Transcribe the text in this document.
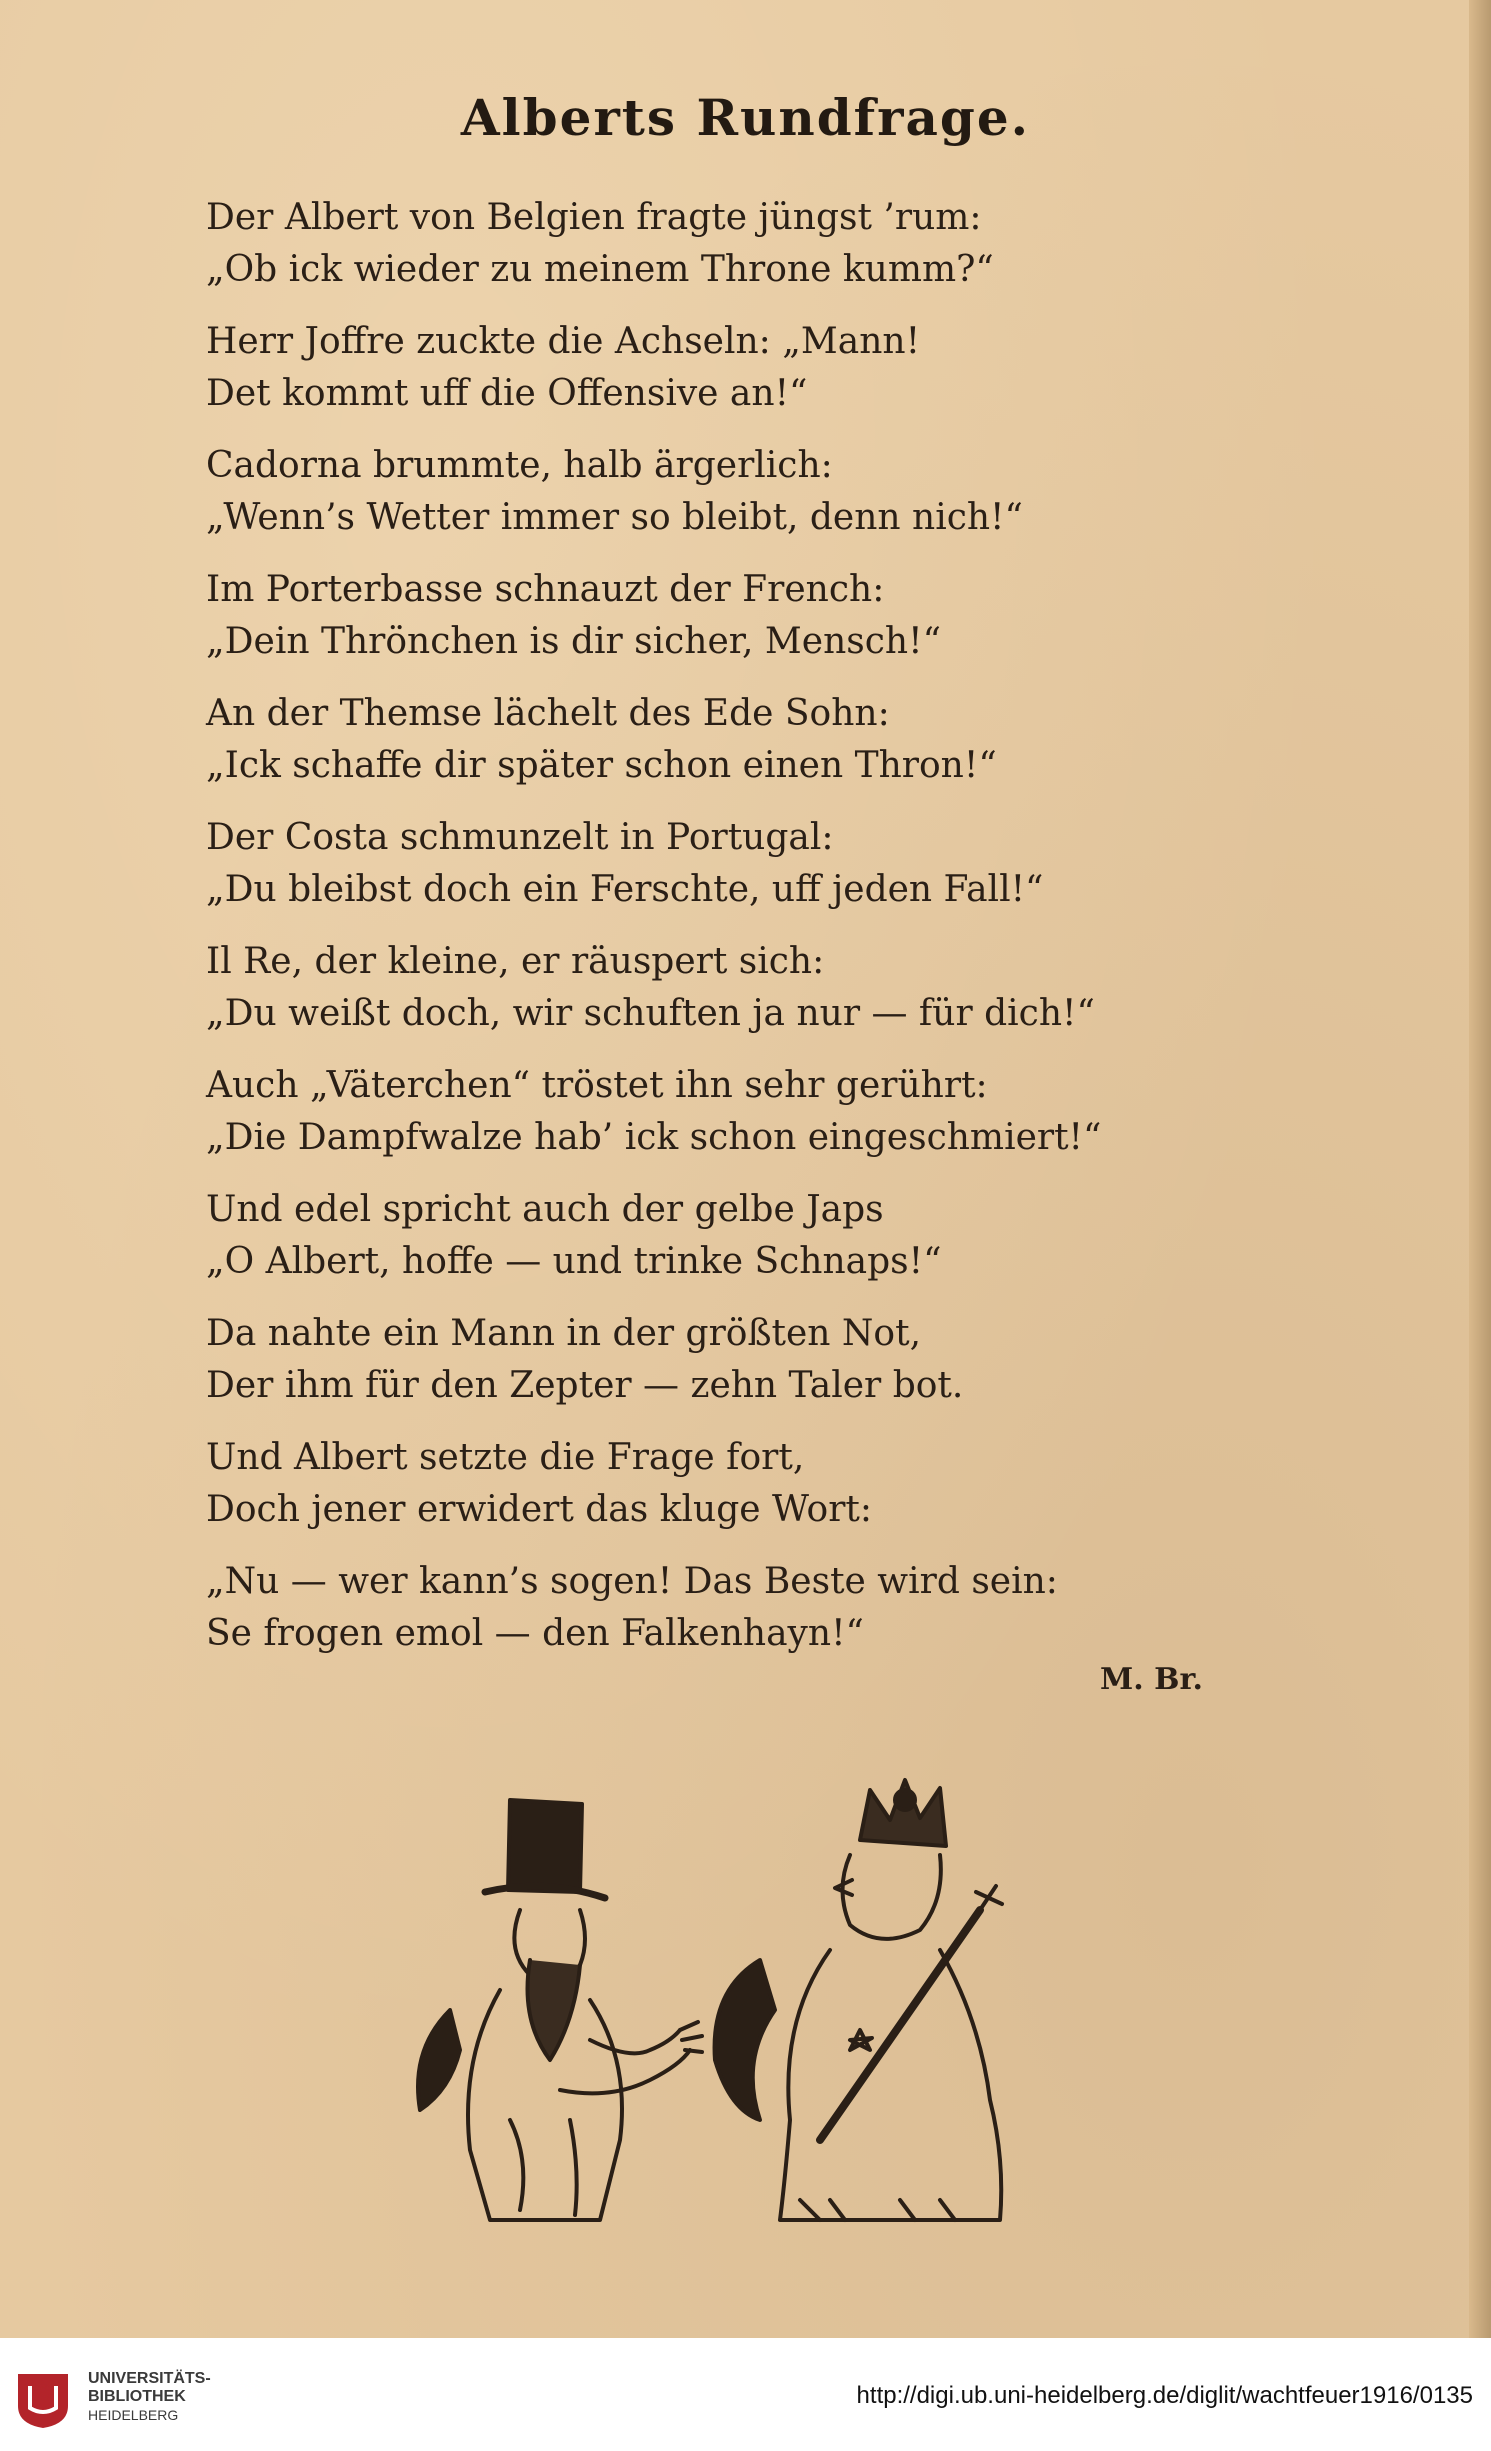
Alberts Rundfrage.
Der Albert von Belgien fragte jüngst ’rum:
„Ob ick wieder zu meinem Throne kumm?“
Herr Joffre zuckte die Achseln: „Mann!
Det kommt uff die Offensive an!“
Cadorna brummte, halb ärgerlich:
„Wenn’s Wetter immer so bleibt, denn nich!“
Im Porterbasse schnauzt der French:
„Dein Thrönchen is dir sicher, Mensch!“
An der Themse lächelt des Ede Sohn:
„Ick schaffe dir später schon einen Thron!“
Der Costa schmunzelt in Portugal:
„Du bleibst doch ein Ferschte, uff jeden Fall!“
Il Re, der kleine, er räuspert sich:
„Du weißt doch, wir schuften ja nur — für dich!“
Auch „Väterchen“ tröstet ihn sehr gerührt:
„Die Dampfwalze hab’ ick schon eingeschmiert!“
Und edel spricht auch der gelbe Japs
„O Albert, hoffe — und trinke Schnaps!“
Da nahte ein Mann in der größten Not,
Der ihm für den Zepter — zehn Taler bot.
Und Albert setzte die Frage fort,
Doch jener erwidert das kluge Wort:
„Nu — wer kann’s sogen! Das Beste wird sein:
Se frogen emol — den Falkenhayn!“
M. Br.
UNIVERSITÄTS-
BIBLIOTHEK
HEIDELBERG
http://digi.ub.uni-heidelberg.de/diglit/wachtfeuer1916/0135
